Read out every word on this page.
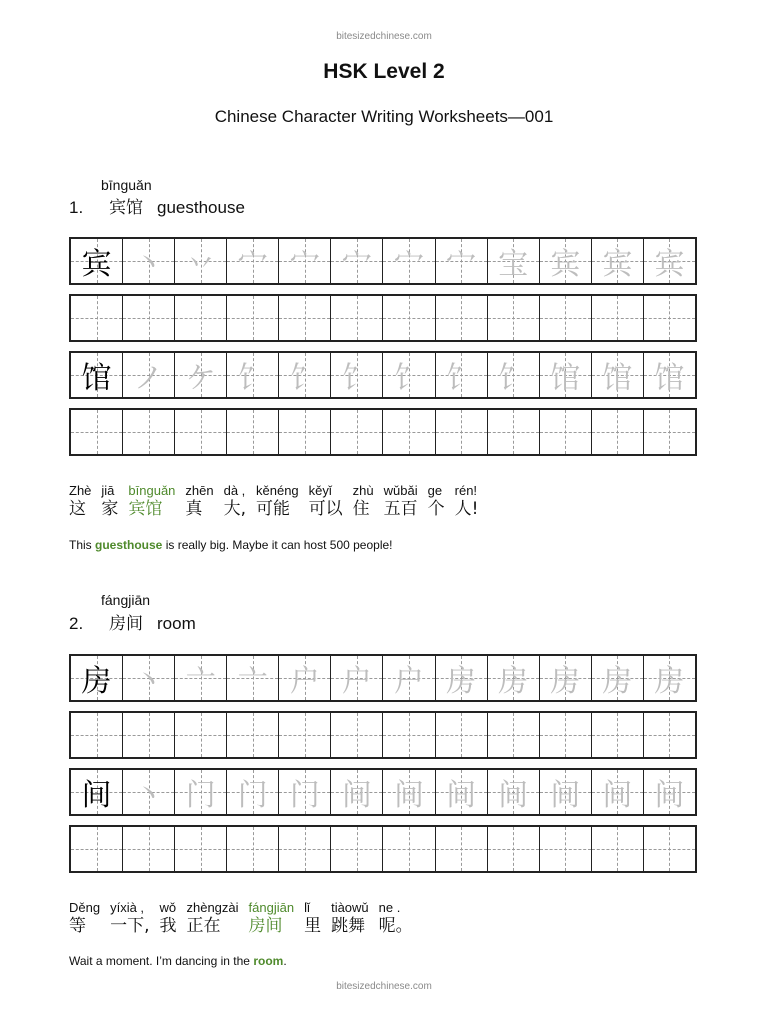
bitesizedchinese.com
HSK Level 2
Chinese Character Writing Worksheets—001
bīnguǎn
1. 宾馆 guesthouse
宾 丶 丷 宀 宀 宀 宀 宀 宝 宾 宾 宾
馆 ノ ケ 饣 饣 饣 饣 饣 饣 馆 馆 馆
Zhè
这
jiā
家
bīnguǎn
宾馆
zhēn
真
dà ,
大,
kěnéng
可能
kěyǐ
可以
zhù
住
wǔbǎi
五百
ge
个
rén!
人!
This guesthouse is really big. Maybe it can host 500 people!
fángjiān
2. 房间 room
房 丶 亠 亠 户 户 户 房 房 房 房 房
间 丶 门 门 门 间 间 间 间 间 间 间
Děng
等
yíxià ,
一下,
wǒ
我
zhèngzài
正在
fángjiān
房间
lǐ
里
tiàowǔ
跳舞
ne .
呢。
Wait a moment. I’m dancing in the room.
bitesizedchinese.com
